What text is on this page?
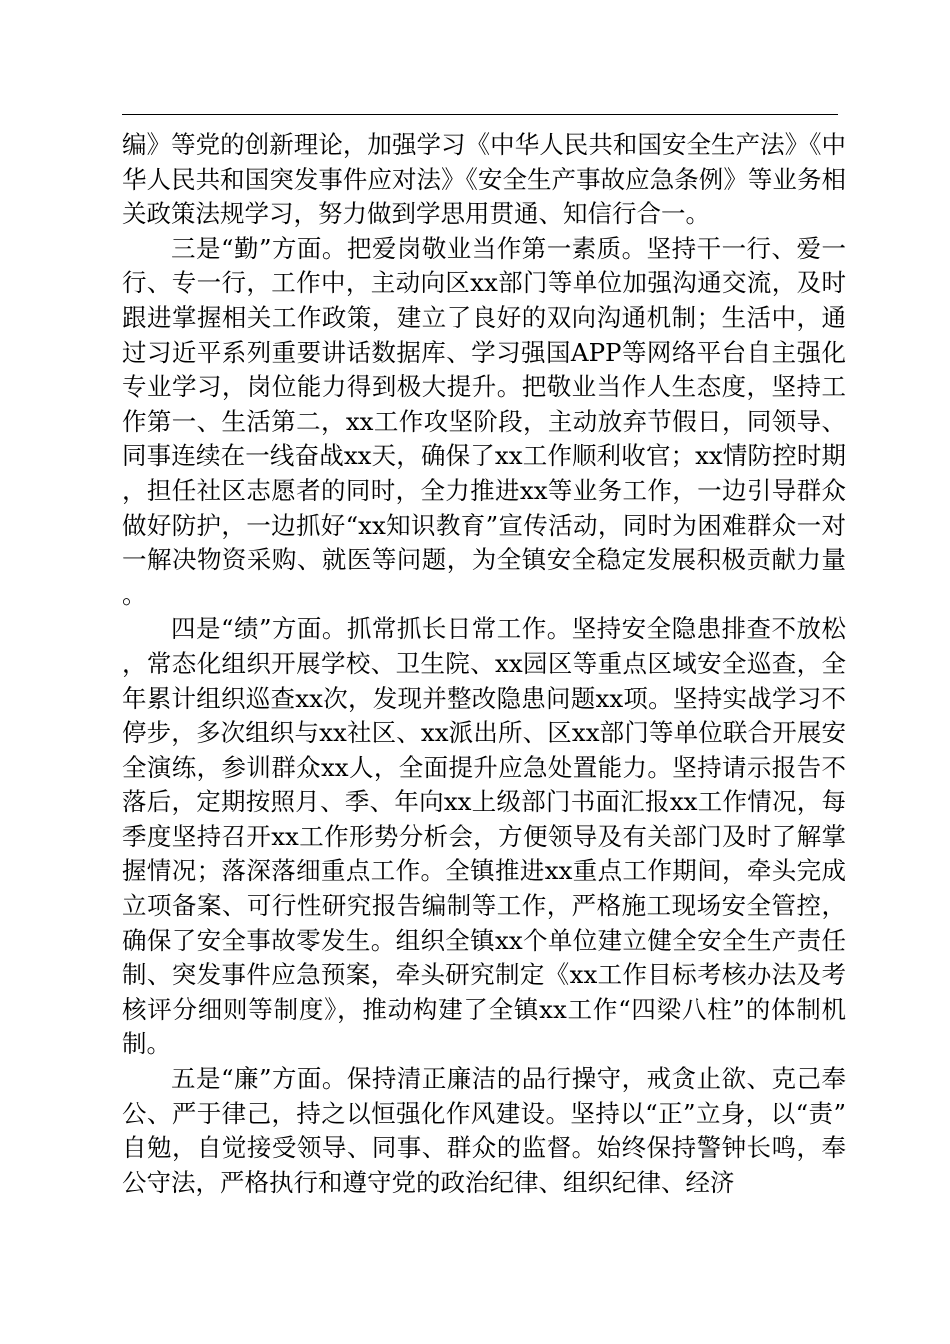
编》等党的创新理论，加强学习《中华人民共和国安全生产法》《中华人民共和国突发事件应对法》《安全生产事故应急条例》等业务相关政策法规学习，努力做到学思用贯通、知信行合一。

三是“勤”方面。把爱岗敬业当作第一素质。坚持干一行、爱一行、专一行，工作中，主动向区xx部门等单位加强沟通交流，及时跟进掌握相关工作政策，建立了良好的双向沟通机制；生活中，通过习近平系列重要讲话数据库、学习强国APP等网络平台自主强化专业学习，岗位能力得到极大提升。把敬业当作人生态度，坚持工作第一、生活第二，xx工作攻坚阶段，主动放弃节假日，同领导、同事连续在一线奋战xx天，确保了xx工作顺利收官；xx情防控时期，担任社区志愿者的同时，全力推进xx等业务工作，一边引导群众做好防护，一边抓好“xx知识教育”宣传活动，同时为困难群众一对一解决物资采购、就医等问题，为全镇安全稳定发展积极贡献力量。

四是“绩”方面。抓常抓长日常工作。坚持安全隐患排查不放松，常态化组织开展学校、卫生院、xx园区等重点区域安全巡查，全年累计组织巡查xx次，发现并整改隐患问题xx项。坚持实战学习不停步，多次组织与xx社区、xx派出所、区xx部门等单位联合开展安全演练，参训群众xx人，全面提升应急处置能力。坚持请示报告不落后，定期按照月、季、年向xx上级部门书面汇报xx工作情况，每季度坚持召开xx工作形势分析会，方便领导及有关部门及时了解掌握情况；落深落细重点工作。全镇推进xx重点工作期间，牵头完成立项备案、可行性研究报告编制等工作，严格施工现场安全管控，确保了安全事故零发生。组织全镇xx个单位建立健全安全生产责任制、突发事件应急预案，牵头研究制定《xx工作目标考核办法及考核评分细则等制度》，推动构建了全镇xx工作“四梁八柱”的体制机制。

五是“廉”方面。保持清正廉洁的品行操守，戒贪止欲、克己奉公、严于律己，持之以恒强化作风建设。坚持以“正”立身，以“责”自勉，自觉接受领导、同事、群众的监督。始终保持警钟长鸣，奉公守法，严格执行和遵守党的政治纪律、组织纪律、经济
